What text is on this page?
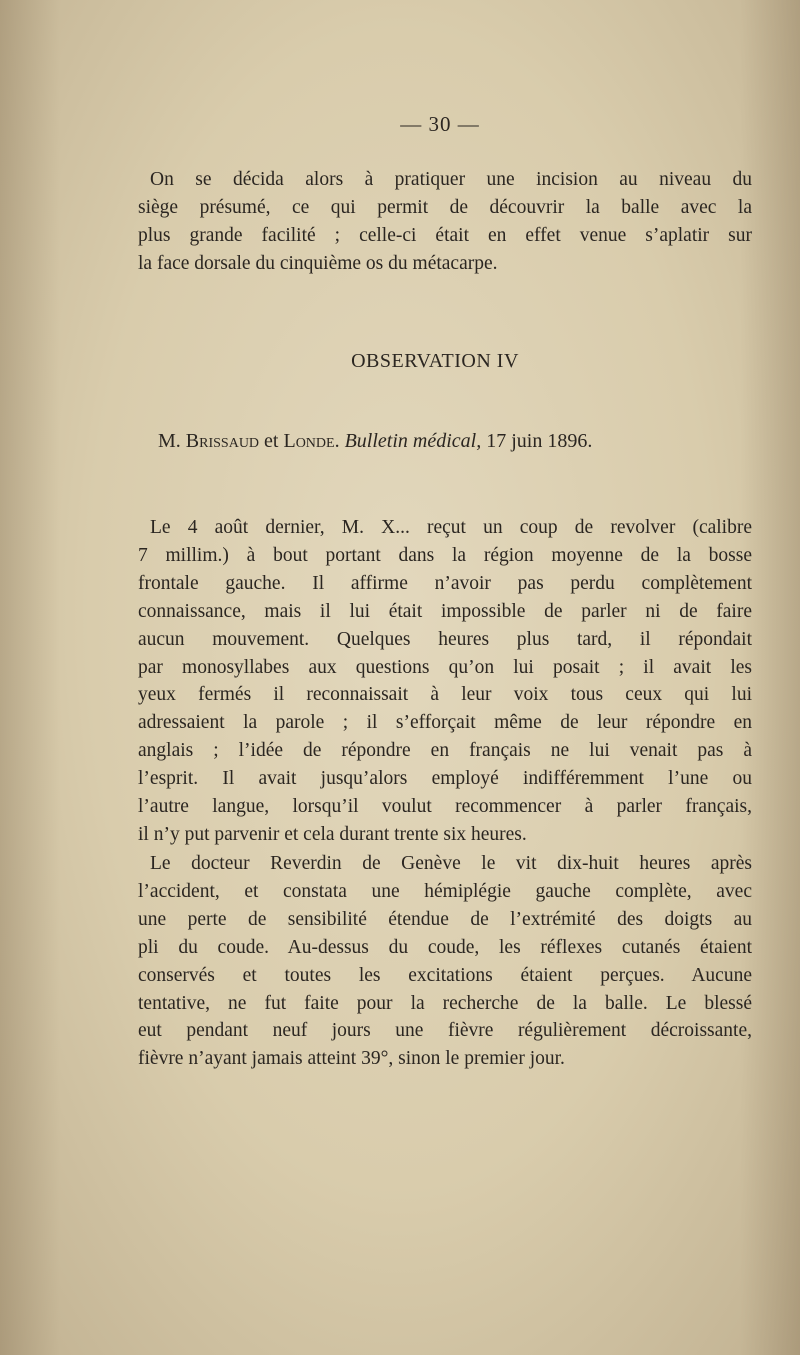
— 30 —
On se décida alors à pratiquer une incision au niveau du
siège présumé, ce qui permit de découvrir la balle avec la
plus grande facilité ; celle-ci était en effet venue s’aplatir sur
la face dorsale du cinquième os du métacarpe.
OBSERVATION IV
M. Brissaud et Londe. Bulletin médical, 17 juin 1896.
Le 4 août dernier, M. X... reçut un coup de revolver (calibre
7 millim.) à bout portant dans la région moyenne de la bosse
frontale gauche. Il affirme n’avoir pas perdu complètement
connaissance, mais il lui était impossible de parler ni de faire
aucun mouvement. Quelques heures plus tard, il répondait
par monosyllabes aux questions qu’on lui posait ; il avait les
yeux fermés il reconnaissait à leur voix tous ceux qui lui
adressaient la parole ; il s’efforçait même de leur répondre en
anglais ; l’idée de répondre en français ne lui venait pas à
l’esprit. Il avait jusqu’alors employé indifféremment l’une ou
l’autre langue, lorsqu’il voulut recommencer à parler français,
il n’y put parvenir et cela durant trente six heures.
Le docteur Reverdin de Genève le vit dix-huit heures après
l’accident, et constata une hémiplégie gauche complète, avec
une perte de sensibilité étendue de l’extrémité des doigts au
pli du coude. Au-dessus du coude, les réflexes cutanés étaient
conservés et toutes les excitations étaient perçues. Aucune
tentative, ne fut faite pour la recherche de la balle. Le blessé
eut pendant neuf jours une fièvre régulièrement décroissante,
fièvre n’ayant jamais atteint 39°, sinon le premier jour.
